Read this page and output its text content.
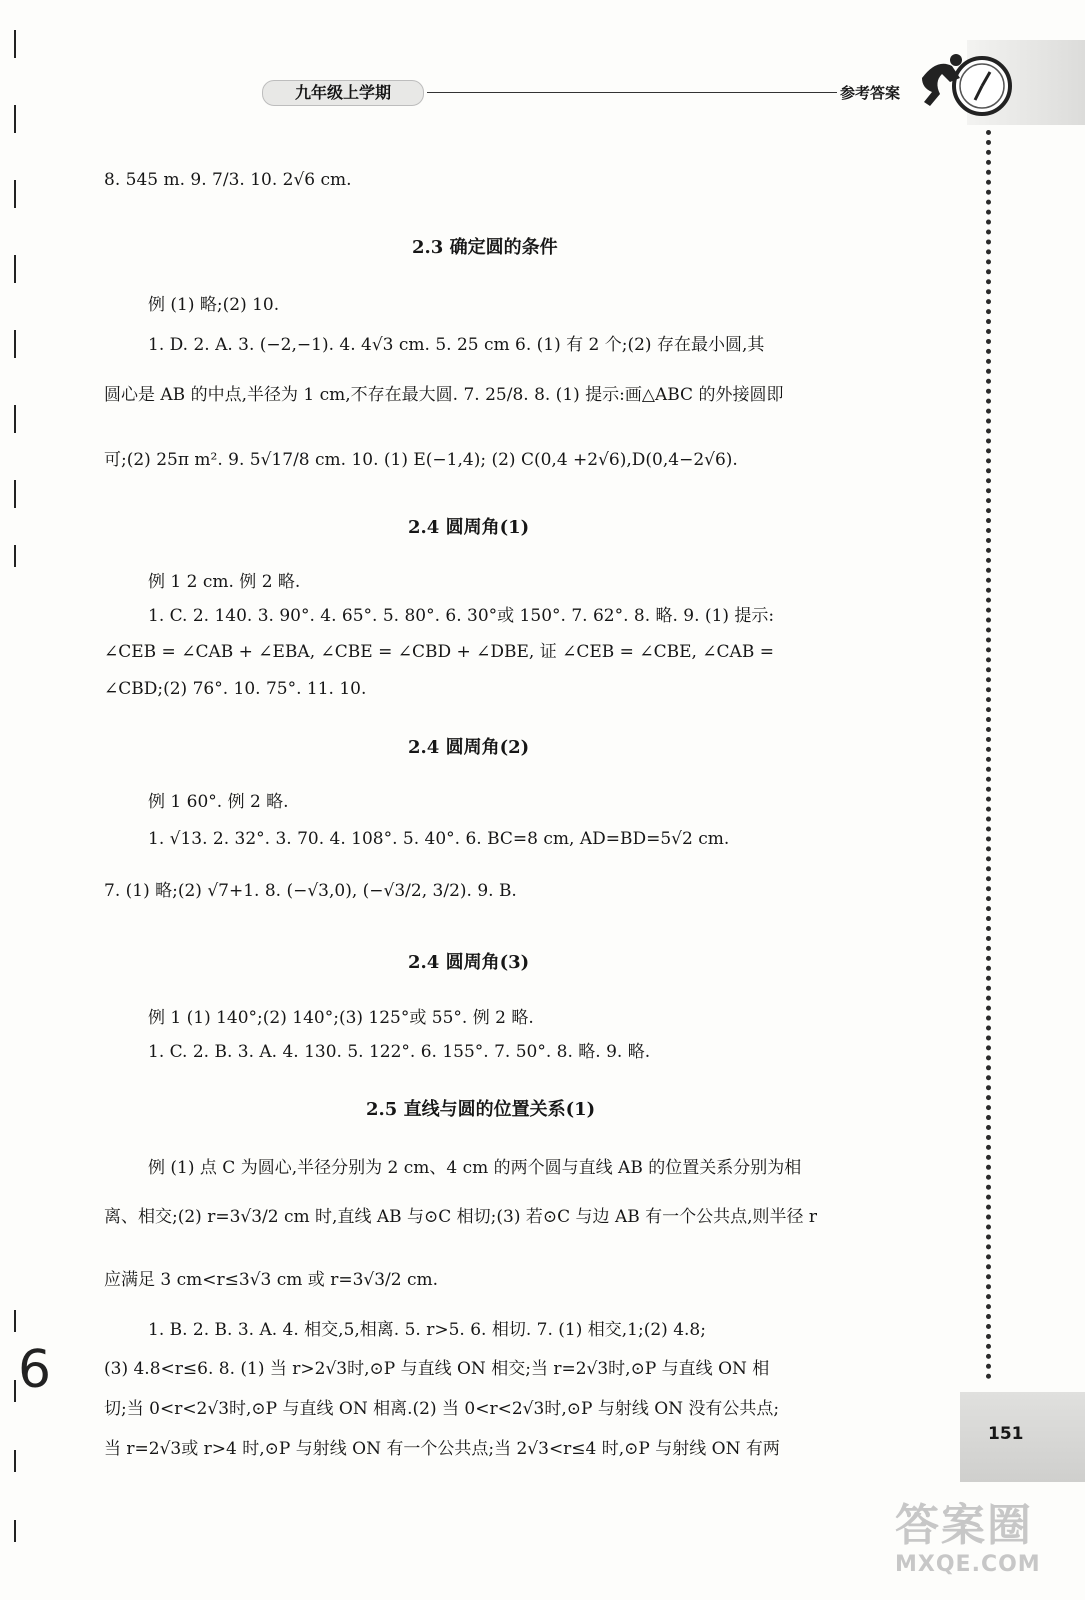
九年级上学期	参考答案
8. 545 m. 9. 7/3. 10. 2√6 cm.
2.3 确定圆的条件
例 (1) 略;(2) 10.
1. D. 2. A. 3. (−2,−1). 4. 4√3 cm. 5. 25 cm 6. (1) 有 2 个;(2) 存在最小圆,其
圆心是 AB 的中点,半径为 1 cm,不存在最大圆. 7. 25/8. 8. (1) 提示:画△ABC 的外接圆即
可;(2) 25π m². 9. 5√17/8 cm. 10. (1) E(−1,4); (2) C(0,4 +2√6),D(0,4−2√6).
2.4 圆周角(1)
例 1 2 cm. 例 2 略.
1. C. 2. 140. 3. 90°. 4. 65°. 5. 80°. 6. 30°或 150°. 7. 62°. 8. 略. 9. (1) 提示:
∠CEB = ∠CAB + ∠EBA, ∠CBE = ∠CBD + ∠DBE, 证 ∠CEB = ∠CBE, ∠CAB =
∠CBD;(2) 76°. 10. 75°. 11. 10.
2.4 圆周角(2)
例 1 60°. 例 2 略.
1. √13. 2. 32°. 3. 70. 4. 108°. 5. 40°. 6. BC=8 cm, AD=BD=5√2 cm.
7. (1) 略;(2) √7+1. 8. (−√3,0), (−√3/2, 3/2). 9. B.
2.4 圆周角(3)
例 1 (1) 140°;(2) 140°;(3) 125°或 55°. 例 2 略.
1. C. 2. B. 3. A. 4. 130. 5. 122°. 6. 155°. 7. 50°. 8. 略. 9. 略.
2.5 直线与圆的位置关系(1)
例 (1) 点 C 为圆心,半径分别为 2 cm、4 cm 的两个圆与直线 AB 的位置关系分别为相
离、相交;(2) r=3√3/2 cm 时,直线 AB 与⊙C 相切;(3) 若⊙C 与边 AB 有一个公共点,则半径 r
应满足 3 cm<r≤3√3 cm 或 r=3√3/2 cm.
1. B. 2. B. 3. A. 4. 相交,5,相离. 5. r>5. 6. 相切. 7. (1) 相交,1;(2) 4.8;
(3) 4.8<r≤6. 8. (1) 当 r>2√3时,⊙P 与直线 ON 相交;当 r=2√3时,⊙P 与直线 ON 相
切;当 0<r<2√3时,⊙P 与直线 ON 相离.(2) 当 0<r<2√3时,⊙P 与射线 ON 没有公共点;
当 r=2√3或 r>4 时,⊙P 与射线 ON 有一个公共点;当 2√3<r≤4 时,⊙P 与射线 ON 有两
151
6
答案圈
MXQE.COM
